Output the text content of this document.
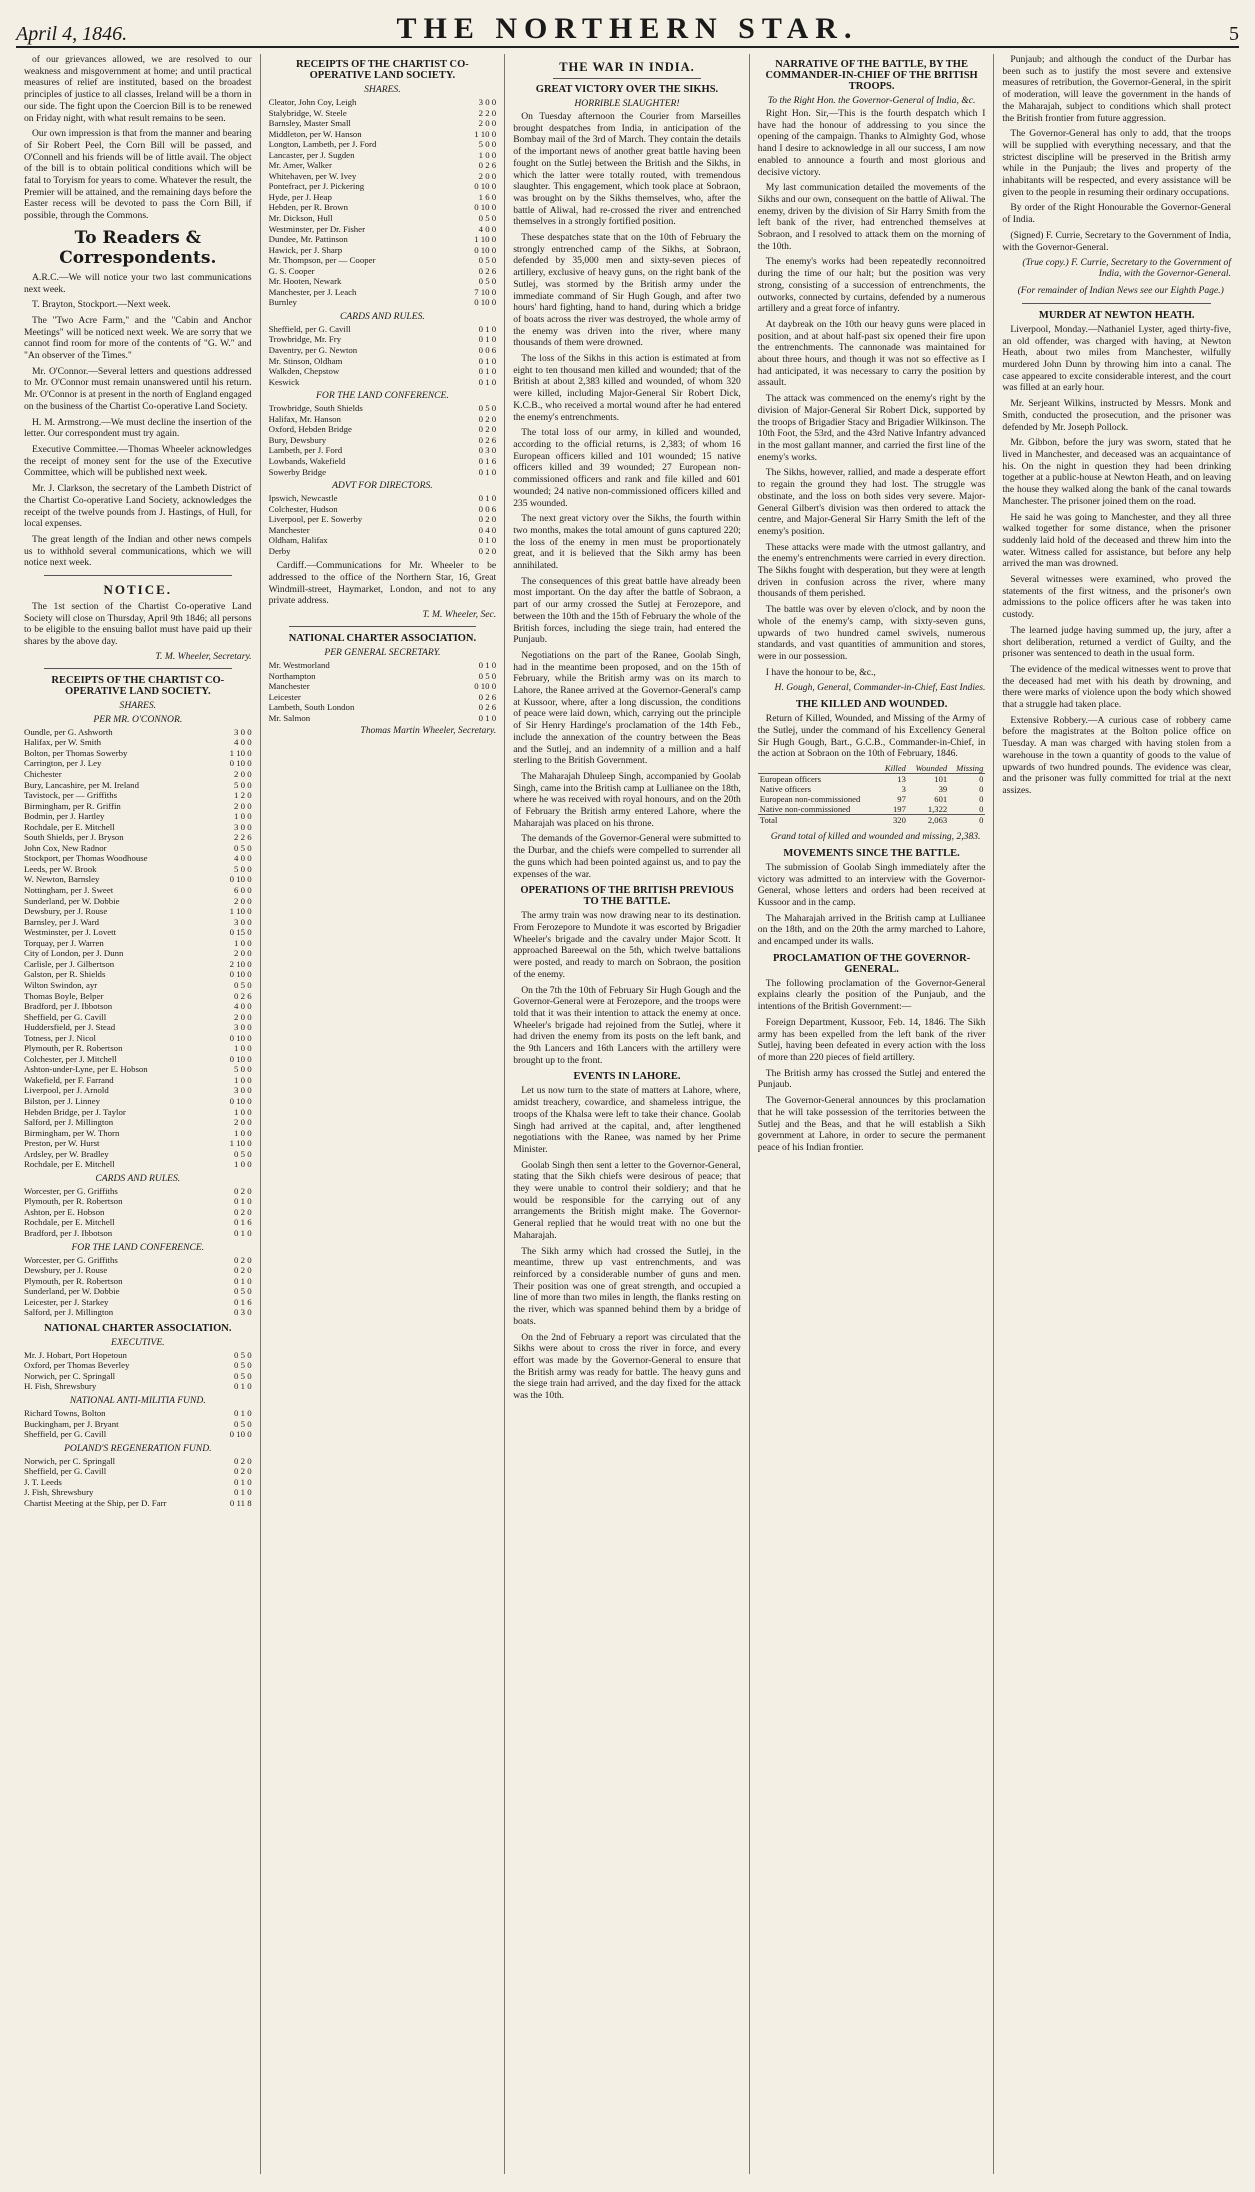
April 4, 1846.	THE NORTHERN STAR.	5

of our grievances allowed, we are resolved to our weakness and misgovernment at home; and until practical measures of relief are instituted, based on the broadest principles of justice to all classes, Ireland will be a thorn in our side. The fight upon the Coercion Bill is to be renewed on Friday night, with what result remains to be seen.

Our own impression is that from the manner and bearing of Sir Robert Peel, the Corn Bill will be passed, and O'Connell and his friends will be of little avail. The object of the bill is to obtain political conditions which will be fatal to Toryism for years to come. Whatever the result, the Premier will be attained, and the remaining days before the Easter recess will be devoted to pass the Corn Bill, if possible, through the Commons.

To Readers & Correspondents.

A.R.C.—We will notice your two last communications next week.

T. Brayton, Stockport.—Next week.

The "Two Acre Farm," and the "Cabin and Anchor Meetings" will be noticed next week. We are sorry that we cannot find room for more of the contents of "G. W." and "An observer of the Times."

Mr. O'Connor.—Several letters and questions addressed to Mr. O'Connor must remain unanswered until his return. Mr. O'Connor is at present in the north of England engaged on the business of the Chartist Co-operative Land Society.

H. M. Armstrong.—We must decline the insertion of the letter. Our correspondent must try again.

Executive Committee.—Thomas Wheeler acknowledges the receipt of money sent for the use of the Executive Committee, which will be published next week.

Mr. J. Clarkson, the secretary of the Lambeth District of the Chartist Co-operative Land Society, acknowledges the receipt of the twelve pounds from J. Hastings, of Hull, for local expenses.

The great length of the Indian and other news compels us to withhold several communications, which we will notice next week.

NOTICE.

The 1st section of the Chartist Co-operative Land Society will close on Thursday, April 9th 1846; all persons to be eligible to the ensuing ballot must have paid up their shares by the above day.

T. M. Wheeler, Secretary.
RECEIPTS OF THE CHARTIST CO-OPERATIVE LAND SOCIETY.
SHARES.
PER MR. O'CONNOR.
Oundle, per G. Ashworth	3 0 0
Halifax, per W. Smith	4 0 0
Bolton, per Thomas Sowerby	1 10 0
Carrington, per J. Ley	0 10 0
Chichester	2 0 0
Bury, Lancashire, per M. Ireland	5 0 0
Tavistock, per — Griffiths	1 2 0
Birmingham, per R. Griffin	2 0 0
Bodmin, per J. Hartley	1 0 0
Rochdale, per E. Mitchell	3 0 0
South Shields, per J. Bryson	2 2 6
John Cox, New Radnor	0 5 0
Stockport, per Thomas Woodhouse	4 0 0
Leeds, per W. Brook	5 0 0
W. Newton, Barnsley	0 10 0
Nottingham, per J. Sweet	6 0 0
Sunderland, per W. Dobbie	2 0 0
Dewsbury, per J. Rouse	1 10 0
Barnsley, per J. Ward	3 0 0
Westminster, per J. Lovett	0 15 0
Torquay, per J. Warren	1 0 0
City of London, per J. Dunn	2 0 0
Carlisle, per J. Gilbertson	2 10 0
Galston, per R. Shields	0 10 0
Wilton Swindon, ayr	0 5 0
Thomas Boyle, Belper	0 2 6
Bradford, per J. Ibbotson	4 0 0
Sheffield, per G. Cavill	2 0 0
Huddersfield, per J. Stead	3 0 0
Totness, per J. Nicol	0 10 0
Plymouth, per R. Robertson	1 0 0
Colchester, per J. Mitchell	0 10 0
Ashton-under-Lyne, per E. Hobson	5 0 0
Wakefield, per F. Farrand	1 0 0
Liverpool, per J. Arnold	3 0 0
Bilston, per J. Linney	0 10 0
Hebden Bridge, per J. Taylor	1 0 0
Salford, per J. Millington	2 0 0
Birmingham, per W. Thorn	1 0 0
Preston, per W. Hurst	1 10 0
Ardsley, per W. Bradley	0 5 0
Rochdale, per E. Mitchell	1 0 0
CARDS AND RULES.
Worcester, per G. Griffiths	0 2 0
Plymouth, per R. Robertson	0 1 0
Ashton, per E. Hobson	0 2 0
Rochdale, per E. Mitchell	0 1 6
Bradford, per J. Ibbotson	0 1 0
FOR THE LAND CONFERENCE.
Worcester, per G. Griffiths	0 2 0
Dewsbury, per J. Rouse	0 2 0
Plymouth, per R. Robertson	0 1 0
Sunderland, per W. Dobbie	0 5 0
Leicester, per J. Starkey	0 1 6
Salford, per J. Millington	0 3 0
NATIONAL CHARTER ASSOCIATION.
EXECUTIVE.
Mr. J. Hobart, Port Hopetoun	0 5 0
Oxford, per Thomas Beverley	0 5 0
Norwich, per C. Springall	0 5 0
H. Fish, Shrewsbury	0 1 0
NATIONAL ANTI-MILITIA FUND.
Richard Towns, Bolton	0 1 0
Buckingham, per J. Bryant	0 5 0
Sheffield, per G. Cavill	0 10 0
POLAND'S REGENERATION FUND.
Norwich, per C. Springall	0 2 0
Sheffield, per G. Cavill	0 2 0
J. T. Leeds	0 1 0
J. Fish, Shrewsbury	0 1 0
Chartist Meeting at the Ship, per D. Farr	0 11 8
RECEIPTS OF THE CHARTIST CO-OPERATIVE LAND SOCIETY.
SHARES.
Cleator, John Coy, Leigh	3 0 0
Stalybridge, W. Steele	2 2 0
Barnsley, Master Small	2 0 0
Middleton, per W. Hanson	1 10 0
Longton, Lambeth, per J. Ford	5 0 0
Lancaster, per J. Sugden	1 0 0
Mr. Amer, Walker	0 2 6
Whitehaven, per W. Ivey	2 0 0
Pontefract, per J. Pickering	0 10 0
Hyde, per J. Heap	1 6 0
Hebden, per R. Brown	0 10 0
Mr. Dickson, Hull	0 5 0
Westminster, per Dr. Fisher	4 0 0
Dundee, Mr. Pattinson	1 10 0
Hawick, per J. Sharp	0 10 0
Mr. Thompson, per — Cooper	0 5 0
G. S. Cooper	0 2 6
Mr. Hooten, Newark	0 5 0
Manchester, per J. Leach	7 10 0
Burnley	0 10 0
CARDS AND RULES.
Sheffield, per G. Cavill	0 1 0
Trowbridge, Mr. Fry	0 1 0
Daventry, per G. Newton	0 0 6
Mr. Stinson, Oldham	0 1 0
Walkden, Chepstow	0 1 0
Keswick	0 1 0
FOR THE LAND CONFERENCE.
Trowbridge, South Shields	0 5 0
Halifax, Mr. Hanson	0 2 0
Oxford, Hebden Bridge	0 2 0
Bury, Dewsbury	0 2 6
Lambeth, per J. Ford	0 3 0
Lowbands, Wakefield	0 1 6
Sowerby Bridge	0 1 0
ADVT FOR DIRECTORS.
Ipswich, Newcastle	0 1 0
Colchester, Hudson	0 0 6
Liverpool, per E. Sowerby	0 2 0
Manchester	0 4 0
Oldham, Halifax	0 1 0
Derby	0 2 0

Cardiff.—Communications for Mr. Wheeler to be addressed to the office of the Northern Star, 16, Great Windmill-street, Haymarket, London, and not to any private address.

T. M. Wheeler, Sec.
NATIONAL CHARTER ASSOCIATION.
PER GENERAL SECRETARY.
Mr. Westmorland	0 1 0
Northampton	0 5 0
Manchester	0 10 0
Leicester	0 2 6
Lambeth, South London	0 2 6
Mr. Salmon	0 1 0
Thomas Martin Wheeler, Secretary.
THE WAR IN INDIA.
GREAT VICTORY OVER THE SIKHS.
HORRIBLE SLAUGHTER!

On Tuesday afternoon the Courier from Marseilles brought despatches from India, in anticipation of the Bombay mail of the 3rd of March. They contain the details of the important news of another great battle having been fought on the Sutlej between the British and the Sikhs, in which the latter were totally routed, with tremendous slaughter. This engagement, which took place at Sobraon, was brought on by the Sikhs themselves, who, after the battle of Aliwal, had re-crossed the river and entrenched themselves in a strongly fortified position.

These despatches state that on the 10th of February the strongly entrenched camp of the Sikhs, at Sobraon, defended by 35,000 men and sixty-seven pieces of artillery, exclusive of heavy guns, on the right bank of the Sutlej, was stormed by the British army under the immediate command of Sir Hugh Gough, and after two hours' hard fighting, hand to hand, during which a bridge of boats across the river was destroyed, the whole army of the enemy was driven into the river, where many thousands of them were drowned.

The loss of the Sikhs in this action is estimated at from eight to ten thousand men killed and wounded; that of the British at about 2,383 killed and wounded, of whom 320 were killed, including Major-General Sir Robert Dick, K.C.B., who received a mortal wound after he had entered the enemy's entrenchments.

The total loss of our army, in killed and wounded, according to the official returns, is 2,383; of whom 16 European officers killed and 101 wounded; 15 native officers killed and 39 wounded; 27 European non-commissioned officers and rank and file killed and 601 wounded; 24 native non-commissioned officers killed and 235 wounded.

The next great victory over the Sikhs, the fourth within two months, makes the total amount of guns captured 220; the loss of the enemy in men must be proportionately great, and it is believed that the Sikh army has been annihilated.

The consequences of this great battle have already been most important. On the day after the battle of Sobraon, a part of our army crossed the Sutlej at Ferozepore, and between the 10th and the 15th of February the whole of the British forces, including the siege train, had entered the Punjaub.

Negotiations on the part of the Ranee, Goolab Singh, had in the meantime been proposed, and on the 15th of February, while the British army was on its march to Lahore, the Ranee arrived at the Governor-General's camp at Kussoor, where, after a long discussion, the conditions of peace were laid down, which, carrying out the principle of Sir Henry Hardinge's proclamation of the 14th Feb., include the annexation of the country between the Beas and the Sutlej, and an indemnity of a million and a half sterling to the British Government.

The Maharajah Dhuleep Singh, accompanied by Goolab Singh, came into the British camp at Lullianee on the 18th, where he was received with royal honours, and on the 20th of February the British army entered Lahore, where the Maharajah was placed on his throne.

The demands of the Governor-General were submitted to the Durbar, and the chiefs were compelled to surrender all the guns which had been pointed against us, and to pay the expenses of the war.

OPERATIONS OF THE BRITISH PREVIOUS TO THE BATTLE.

The army train was now drawing near to its destination. From Ferozepore to Mundote it was escorted by Brigadier Wheeler's brigade and the cavalry under Major Scott. It approached Bareewal on the 5th, which twelve battalions were posted, and ready to march on Sobraon, the position of the enemy.

On the 7th the 10th of February Sir Hugh Gough and the Governor-General were at Ferozepore, and the troops were told that it was their intention to attack the enemy at once. Wheeler's brigade had rejoined from the Sutlej, where it had driven the enemy from its posts on the left bank, and the 9th Lancers and 16th Lancers with the artillery were brought up to the front.

EVENTS IN LAHORE.

Let us now turn to the state of matters at Lahore, where, amidst treachery, cowardice, and shameless intrigue, the troops of the Khalsa were left to take their chance. Goolab Singh had arrived at the capital, and, after lengthened negotiations with the Ranee, was named by her Prime Minister.

Goolab Singh then sent a letter to the Governor-General, stating that the Sikh chiefs were desirous of peace; that they were unable to control their soldiery; and that he would be responsible for the carrying out of any arrangements the British might make. The Governor-General replied that he would treat with no one but the Maharajah.

The Sikh army which had crossed the Sutlej, in the meantime, threw up vast entrenchments, and was reinforced by a considerable number of guns and men. Their position was one of great strength, and occupied a line of more than two miles in length, the flanks resting on the river, which was spanned behind them by a bridge of boats.

On the 2nd of February a report was circulated that the Sikhs were about to cross the river in force, and every effort was made by the Governor-General to ensure that the British army was ready for battle. The heavy guns and the siege train had arrived, and the day fixed for the attack was the 10th.

NARRATIVE OF THE BATTLE, BY THE COMMANDER-IN-CHIEF OF THE BRITISH TROOPS.
To the Right Hon. the Governor-General of India, &c.

Right Hon. Sir,—This is the fourth despatch which I have had the honour of addressing to you since the opening of the campaign. Thanks to Almighty God, whose hand I desire to acknowledge in all our success, I am now enabled to announce a fourth and most glorious and decisive victory.

My last communication detailed the movements of the Sikhs and our own, consequent on the battle of Aliwal. The enemy, driven by the division of Sir Harry Smith from the left bank of the river, had entrenched themselves at Sobraon, and I resolved to attack them on the morning of the 10th.

The enemy's works had been repeatedly reconnoitred during the time of our halt; but the position was very strong, consisting of a succession of entrenchments, the outworks, connected by curtains, defended by a numerous artillery and a great force of infantry.

At daybreak on the 10th our heavy guns were placed in position, and at about half-past six opened their fire upon the entrenchments. The cannonade was maintained for about three hours, and though it was not so effective as I had anticipated, it was necessary to carry the position by assault.

The attack was commenced on the enemy's right by the division of Major-General Sir Robert Dick, supported by the troops of Brigadier Stacy and Brigadier Wilkinson. The 10th Foot, the 53rd, and the 43rd Native Infantry advanced in the most gallant manner, and carried the first line of the enemy's works.

The Sikhs, however, rallied, and made a desperate effort to regain the ground they had lost. The struggle was obstinate, and the loss on both sides very severe. Major-General Gilbert's division was then ordered to attack the centre, and Major-General Sir Harry Smith the left of the enemy's position.

These attacks were made with the utmost gallantry, and the enemy's entrenchments were carried in every direction. The Sikhs fought with desperation, but they were at length driven in confusion across the river, where many thousands of them perished.

The battle was over by eleven o'clock, and by noon the whole of the enemy's camp, with sixty-seven guns, upwards of two hundred camel swivels, numerous standards, and vast quantities of ammunition and stores, were in our possession.

I have the honour to be, &c.,

H. Gough, General, Commander-in-Chief, East Indies.
THE KILLED AND WOUNDED.

Return of Killed, Wounded, and Missing of the Army of the Sutlej, under the command of his Excellency General Sir Hugh Gough, Bart., G.C.B., Commander-in-Chief, in the action at Sobraon on the 10th of February, 1846.

	Killed	Wounded	Missing
European officers	13	101	0
Native officers	3	39	0
European non-commissioned	97	601	0
Native non-commissioned	197	1,322	0
Total	320	2,063	0

Grand total of killed and wounded and missing, 2,383.

MOVEMENTS SINCE THE BATTLE.

The submission of Goolab Singh immediately after the victory was admitted to an interview with the Governor-General, whose letters and orders had been received at Kussoor and in the camp.

The Maharajah arrived in the British camp at Lullianee on the 18th, and on the 20th the army marched to Lahore, and encamped under its walls.

PROCLAMATION OF THE GOVERNOR-GENERAL.

The following proclamation of the Governor-General explains clearly the position of the Punjaub, and the intentions of the British Government:—

Foreign Department, Kussoor, Feb. 14, 1846. The Sikh army has been expelled from the left bank of the river Sutlej, having been defeated in every action with the loss of more than 220 pieces of field artillery.

The British army has crossed the Sutlej and entered the Punjaub.

The Governor-General announces by this proclamation that he will take possession of the territories between the Sutlej and the Beas, and that he will establish a Sikh government at Lahore, in order to secure the permanent peace of his Indian frontier.

Punjaub; and although the conduct of the Durbar has been such as to justify the most severe and extensive measures of retribution, the Governor-General, in the spirit of moderation, will leave the government in the hands of the Maharajah, subject to conditions which shall protect the British frontier from future aggression.

The Governor-General has only to add, that the troops will be supplied with everything necessary, and that the strictest discipline will be preserved in the British army while in the Punjaub; the lives and property of the inhabitants will be respected, and every assistance will be given to the people in resuming their ordinary occupations.

By order of the Right Honourable the Governor-General of India.

(Signed) F. Currie, Secretary to the Government of India, with the Governor-General.

(True copy.) F. Currie, Secretary to the Government of India, with the Governor-General.

(For remainder of Indian News see our Eighth Page.)

MURDER AT NEWTON HEATH.

Liverpool, Monday.—Nathaniel Lyster, aged thirty-five, an old offender, was charged with having, at Newton Heath, about two miles from Manchester, wilfully murdered John Dunn by throwing him into a canal. The case appeared to excite considerable interest, and the court was filled at an early hour.

Mr. Serjeant Wilkins, instructed by Messrs. Monk and Smith, conducted the prosecution, and the prisoner was defended by Mr. Joseph Pollock.

Mr. Gibbon, before the jury was sworn, stated that he lived in Manchester, and deceased was an acquaintance of his. On the night in question they had been drinking together at a public-house at Newton Heath, and on leaving the house they walked along the bank of the canal towards Manchester. The prisoner joined them on the road.

He said he was going to Manchester, and they all three walked together for some distance, when the prisoner suddenly laid hold of the deceased and threw him into the water. Witness called for assistance, but before any help arrived the man was drowned.

Several witnesses were examined, who proved the statements of the first witness, and the prisoner's own admissions to the police officers after he was taken into custody.

The learned judge having summed up, the jury, after a short deliberation, returned a verdict of Guilty, and the prisoner was sentenced to death in the usual form.

The evidence of the medical witnesses went to prove that the deceased had met with his death by drowning, and there were marks of violence upon the body which showed that a struggle had taken place.

Extensive Robbery.—A curious case of robbery came before the magistrates at the Bolton police office on Tuesday. A man was charged with having stolen from a warehouse in the town a quantity of goods to the value of upwards of two hundred pounds. The evidence was clear, and the prisoner was fully committed for trial at the next assizes.
